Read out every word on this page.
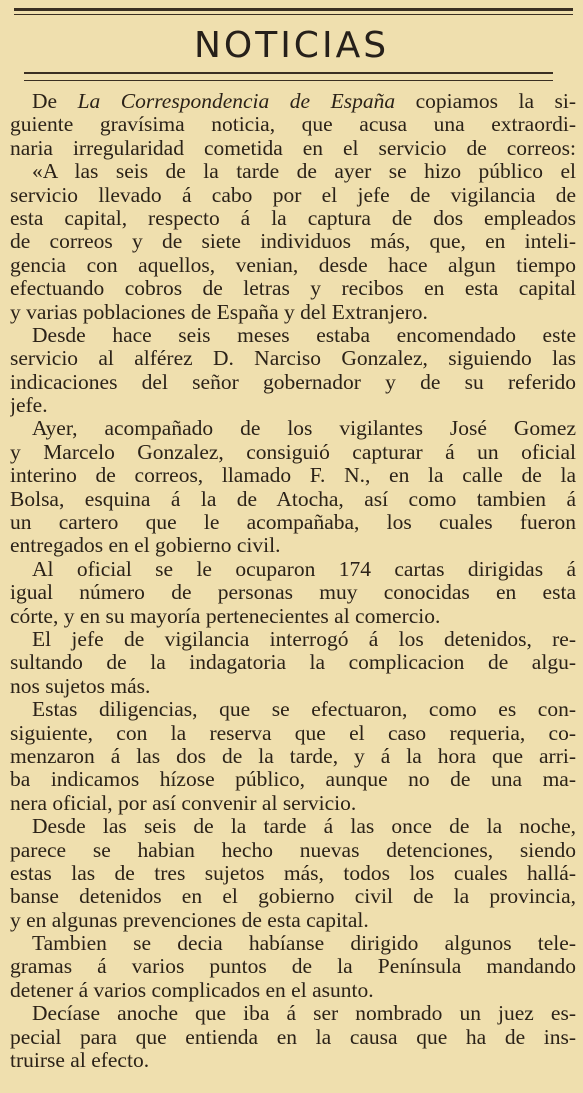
NOTICIAS
De La Correspondencia de España copiamos la si-
guiente gravísima noticia, que acusa una extraordi-
naria irregularidad cometida en el servicio de correos:
«A las seis de la tarde de ayer se hizo público el
servicio llevado á cabo por el jefe de vigilancia de
esta capital, respecto á la captura de dos empleados
de correos y de siete individuos más, que, en inteli-
gencia con aquellos, venian, desde hace algun tiempo
efectuando cobros de letras y recibos en esta capital
y varias poblaciones de España y del Extranjero.
Desde hace seis meses estaba encomendado este
servicio al alférez D. Narciso Gonzalez, siguiendo las
indicaciones del señor gobernador y de su referido
jefe.
Ayer, acompañado de los vigilantes José Gomez
y Marcelo Gonzalez, consiguió capturar á un oficial
interino de correos, llamado F. N., en la calle de la
Bolsa, esquina á la de Atocha, así como tambien á
un cartero que le acompañaba, los cuales fueron
entregados en el gobierno civil.
Al oficial se le ocuparon 174 cartas dirigidas á
igual número de personas muy conocidas en esta
córte, y en su mayoría pertenecientes al comercio.
El jefe de vigilancia interrogó á los detenidos, re-
sultando de la indagatoria la complicacion de algu-
nos sujetos más.
Estas diligencias, que se efectuaron, como es con-
siguiente, con la reserva que el caso requeria, co-
menzaron á las dos de la tarde, y á la hora que arri-
ba indicamos hízose público, aunque no de una ma-
nera oficial, por así convenir al servicio.
Desde las seis de la tarde á las once de la noche,
parece se habian hecho nuevas detenciones, siendo
estas las de tres sujetos más, todos los cuales hallá-
banse detenidos en el gobierno civil de la provincia,
y en algunas prevenciones de esta capital.
Tambien se decia habíanse dirigido algunos tele-
gramas á varios puntos de la Península mandando
detener á varios complicados en el asunto.
Decíase anoche que iba á ser nombrado un juez es-
pecial para que entienda en la causa que ha de ins-
truirse al efecto.
